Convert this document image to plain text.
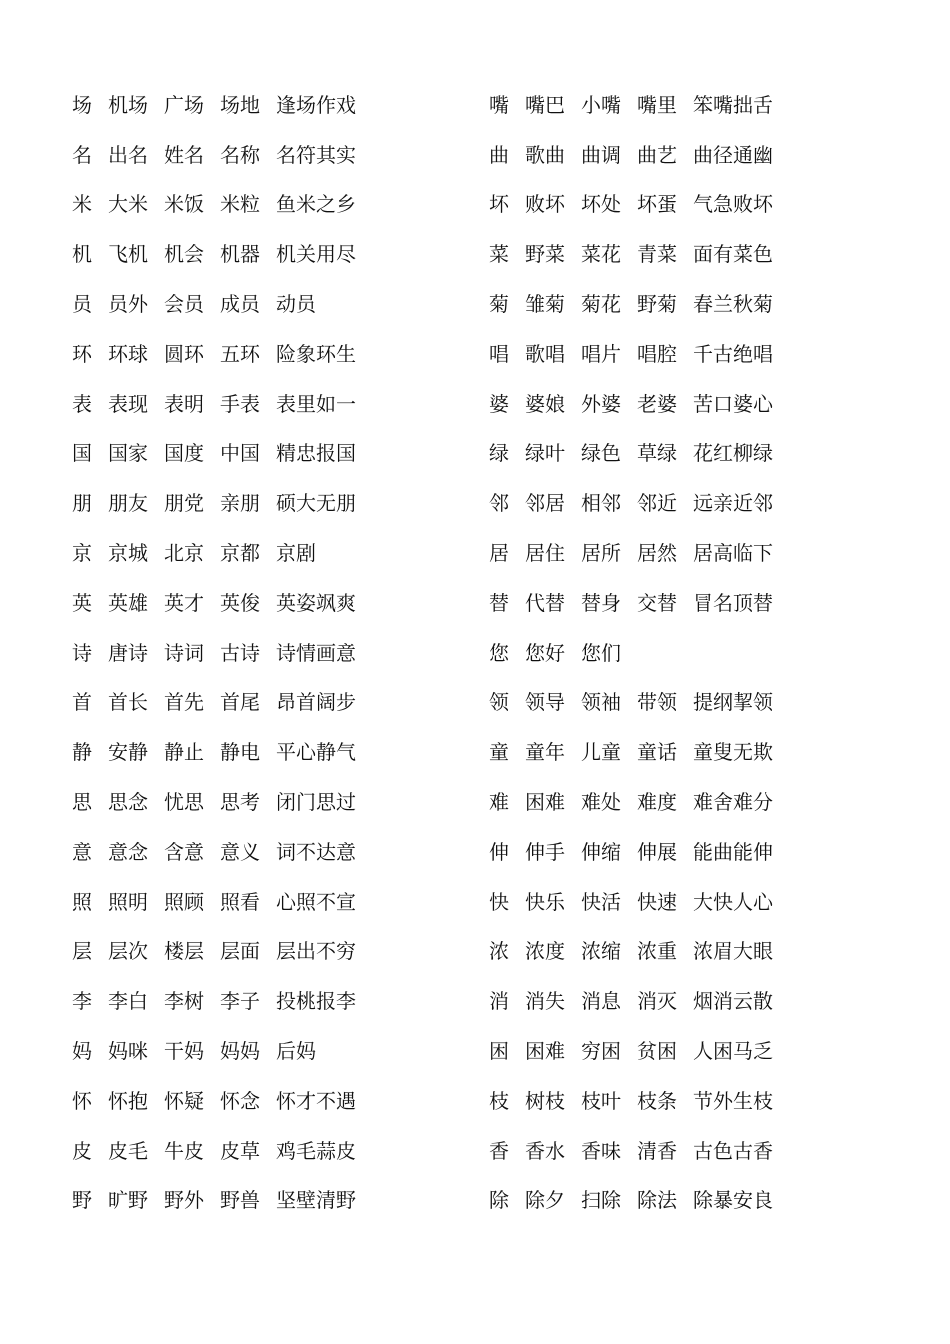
场 机场 广场 场地 逢场作戏
名 出名 姓名 名称 名符其实
米 大米 米饭 米粒 鱼米之乡
机 飞机 机会 机器 机关用尽
员 员外 会员 成员 动员
环 环球 圆环 五环 险象环生
表 表现 表明 手表 表里如一
国 国家 国度 中国 精忠报国
朋 朋友 朋党 亲朋 硕大无朋
京 京城 北京 京都 京剧
英 英雄 英才 英俊 英姿飒爽
诗 唐诗 诗词 古诗 诗情画意
首 首长 首先 首尾 昂首阔步
静 安静 静止 静电 平心静气
思 思念 忧思 思考 闭门思过
意 意念 含意 意义 词不达意
照 照明 照顾 照看 心照不宣
层 层次 楼层 层面 层出不穷
李 李白 李树 李子 投桃报李
妈 妈咪 干妈 妈妈 后妈
怀 怀抱 怀疑 怀念 怀才不遇
皮 皮毛 牛皮 皮草 鸡毛蒜皮
野 旷野 野外 野兽 坚壁清野
嘴 嘴巴 小嘴 嘴里 笨嘴拙舌
曲 歌曲 曲调 曲艺 曲径通幽
坏 败坏 坏处 坏蛋 气急败坏
菜 野菜 菜花 青菜 面有菜色
菊 雏菊 菊花 野菊 春兰秋菊
唱 歌唱 唱片 唱腔 千古绝唱
婆 婆娘 外婆 老婆 苦口婆心
绿 绿叶 绿色 草绿 花红柳绿
邻 邻居 相邻 邻近 远亲近邻
居 居住 居所 居然 居高临下
替 代替 替身 交替 冒名顶替
您 您好 您们
领 领导 领袖 带领 提纲挈领
童 童年 儿童 童话 童叟无欺
难 困难 难处 难度 难舍难分
伸 伸手 伸缩 伸展 能曲能伸
快 快乐 快活 快速 大快人心
浓 浓度 浓缩 浓重 浓眉大眼
消 消失 消息 消灭 烟消云散
困 困难 穷困 贫困 人困马乏
枝 树枝 枝叶 枝条 节外生枝
香 香水 香味 清香 古色古香
除 除夕 扫除 除法 除暴安良
